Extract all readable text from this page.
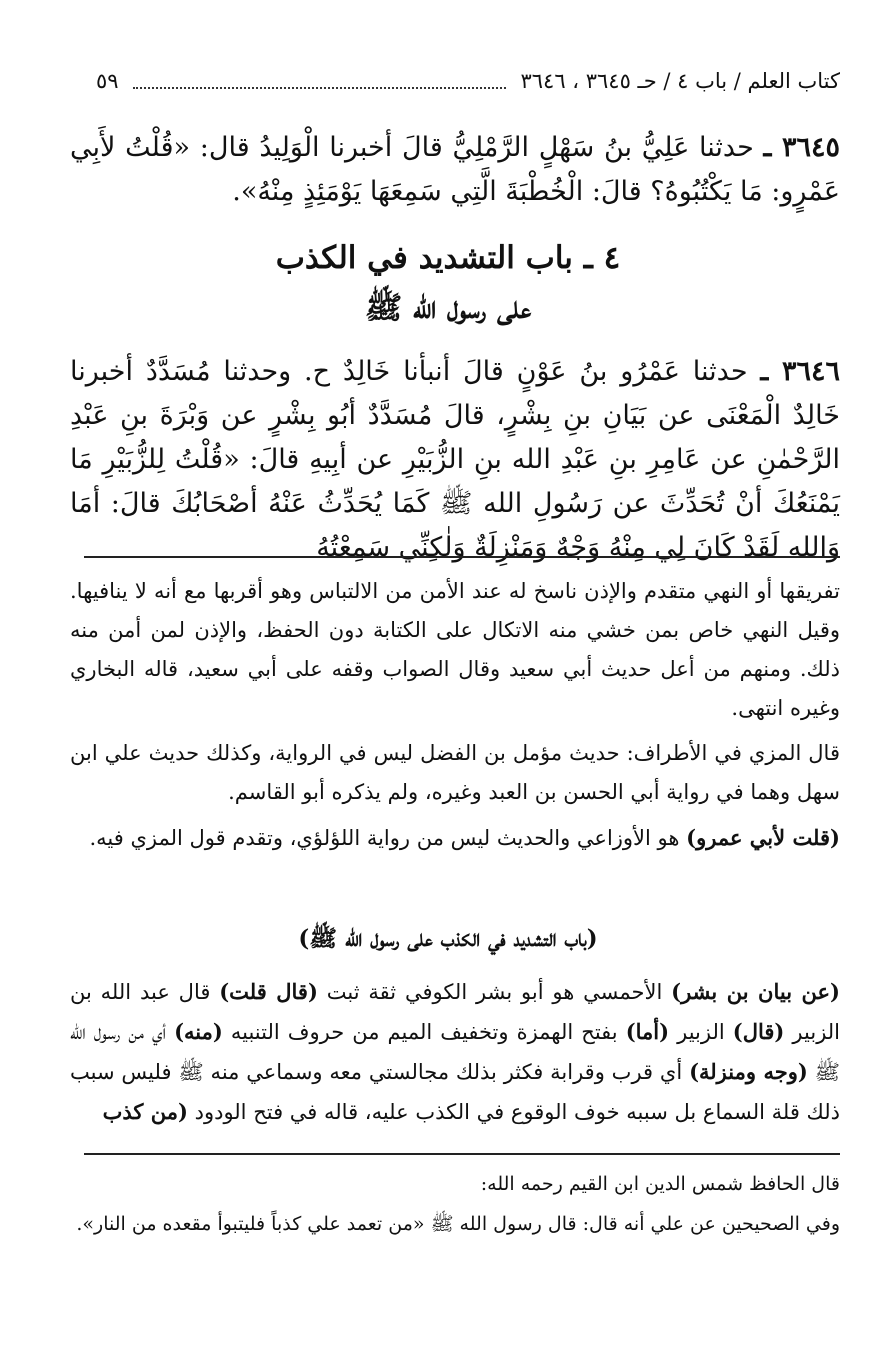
كتاب العلم / باب ٤ / حـ ٣٦٤٥ ، ٣٦٤٦
٥٩

٣٦٤٥ ـ حدثنا عَلِيُّ بنُ سَهْلٍ الرَّمْلِيُّ قالَ أخبرنا الْوَلِيدُ قال: «قُلْتُ لأَبِي عَمْرٍو: مَا يَكْتُبُوهُ؟ قالَ: الْخُطْبَةَ الَّتِي سَمِعَهَا يَوْمَئِذٍ مِنْهُ».

٤ ـ باب التشديد في الكذب
على رسول الله ﷺ

٣٦٤٦ ـ حدثنا عَمْرُو بنُ عَوْنٍ قالَ أنبأنا خَالِدٌ ح. وحدثنا مُسَدَّدٌ أخبرنا خَالِدٌ الْمَعْنَى عن بَيَانِ بنِ بِشْرٍ، قالَ مُسَدَّدٌ أبُو بِشْرٍ عن وَبْرَةَ بنِ عَبْدِ الرَّحْمٰنِ عن عَامِرِ بنِ عَبْدِ الله بنِ الزُّبَيْرِ عن أبِيهِ قالَ: «قُلْتُ لِلزُّبَيْرِ مَا يَمْنَعُكَ أنْ تُحَدِّثَ عن رَسُولِ الله ﷺ كَمَا يُحَدِّثُ عَنْهُ أصْحَابُكَ قالَ: أمَا وَالله لَقَدْ كَانَ لِي مِنْهُ وَجْهٌ وَمَنْزِلَةٌ وَلٰكِنِّي سَمِعْتُهُ

تفريقها أو النهي متقدم والإذن ناسخ له عند الأمن من الالتباس وهو أقربها مع أنه لا ينافيها. وقيل النهي خاص بمن خشي منه الاتكال على الكتابة دون الحفظ، والإذن لمن أمن منه ذلك. ومنهم من أعل حديث أبي سعيد وقال الصواب وقفه على أبي سعيد، قاله البخاري وغيره انتهى.

قال المزي في الأطراف: حديث مؤمل بن الفضل ليس في الرواية، وكذلك حديث علي ابن سهل وهما في رواية أبي الحسن بن العبد وغيره، ولم يذكره أبو القاسم.

(قلت لأبي عمرو) هو الأوزاعي والحديث ليس من رواية اللؤلؤي، وتقدم قول المزي فيه.

(باب التشديد في الكذب على رسول الله ﷺ)

(عن بيان بن بشر) الأحمسي هو أبو بشر الكوفي ثقة ثبت (قال قلت) قال عبد الله بن الزبير (قال) الزبير (أما) بفتح الهمزة وتخفيف الميم من حروف التنبيه (منه) أي من رسول الله ﷺ (وجه ومنزلة) أي قرب وقرابة فكثر بذلك مجالستي معه وسماعي منه ﷺ فليس سبب ذلك قلة السماع بل سببه خوف الوقوع في الكذب عليه، قاله في فتح الودود (من كذب

قال الحافظ شمس الدين ابن القيم رحمه الله:

وفي الصحيحين عن علي أنه قال: قال رسول الله ﷺ «من تعمد علي كذباً فليتبوأ مقعده من النار».
